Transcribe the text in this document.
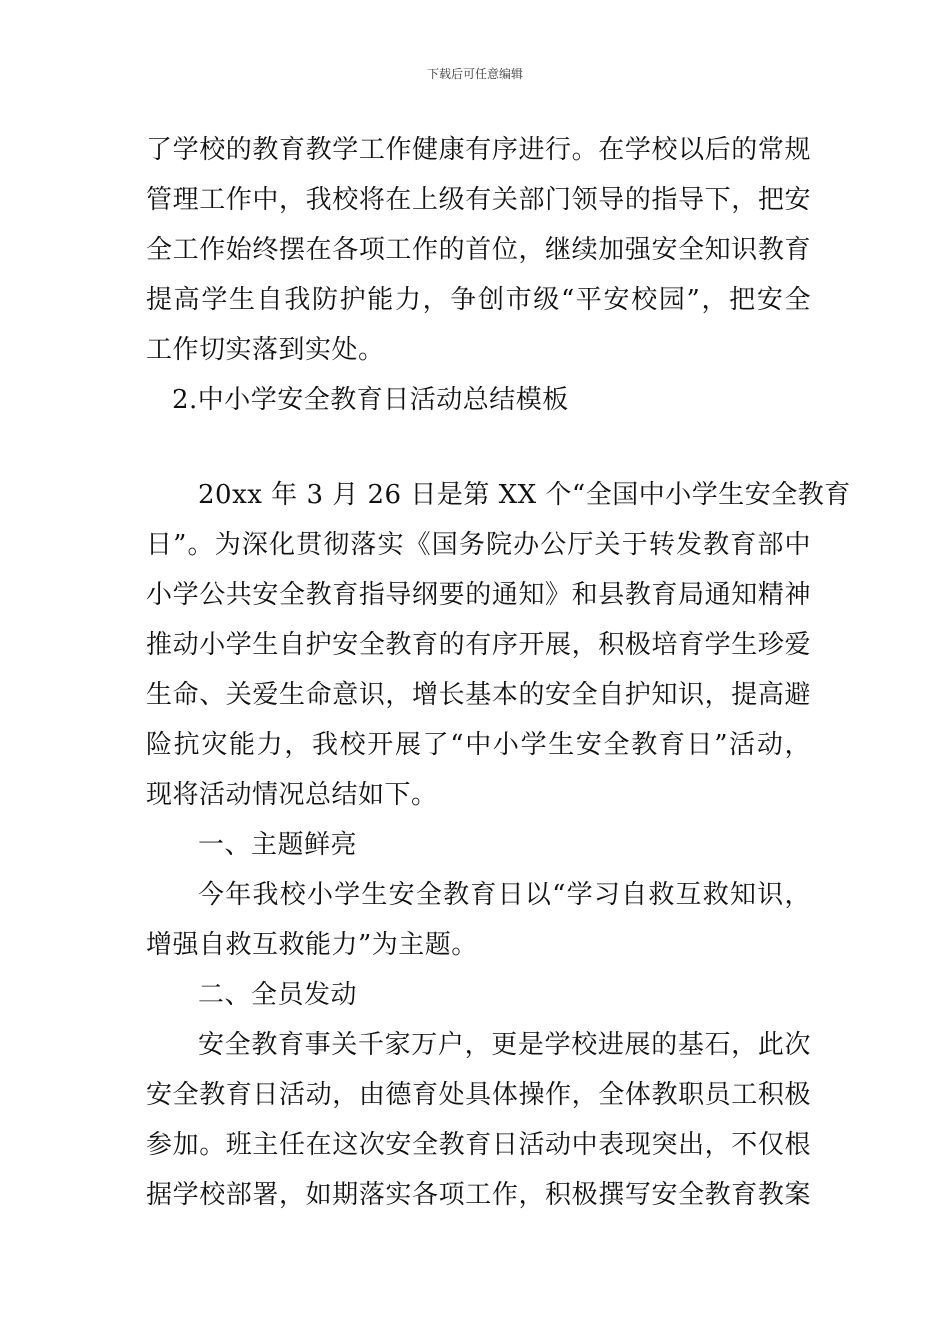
下载后可任意编辑
了学校的教育教学工作健康有序进行。在学校以后的常规
管理工作中，我校将在上级有关部门领导的指导下，把安
全工作始终摆在各项工作的首位，继续加强安全知识教育
提高学生自我防护能力，争创市级“平安校园”，把安全
工作切实落到实处。
2.中小学安全教育日活动总结模板
20xx 年 3 月 26 日是第 XX 个“全国中小学生安全教育
日”。为深化贯彻落实《国务院办公厅关于转发教育部中
小学公共安全教育指导纲要的通知》和县教育局通知精神
推动小学生自护安全教育的有序开展，积极培育学生珍爱
生命、关爱生命意识，增长基本的安全自护知识，提高避
险抗灾能力，我校开展了“中小学生安全教育日”活动，
现将活动情况总结如下。
一、主题鲜亮
今年我校小学生安全教育日以“学习自救互救知识，
增强自救互救能力”为主题。
二、全员发动
安全教育事关千家万户，更是学校进展的基石，此次
安全教育日活动，由德育处具体操作，全体教职员工积极
参加。班主任在这次安全教育日活动中表现突出，不仅根
据学校部署，如期落实各项工作，积极撰写安全教育教案
